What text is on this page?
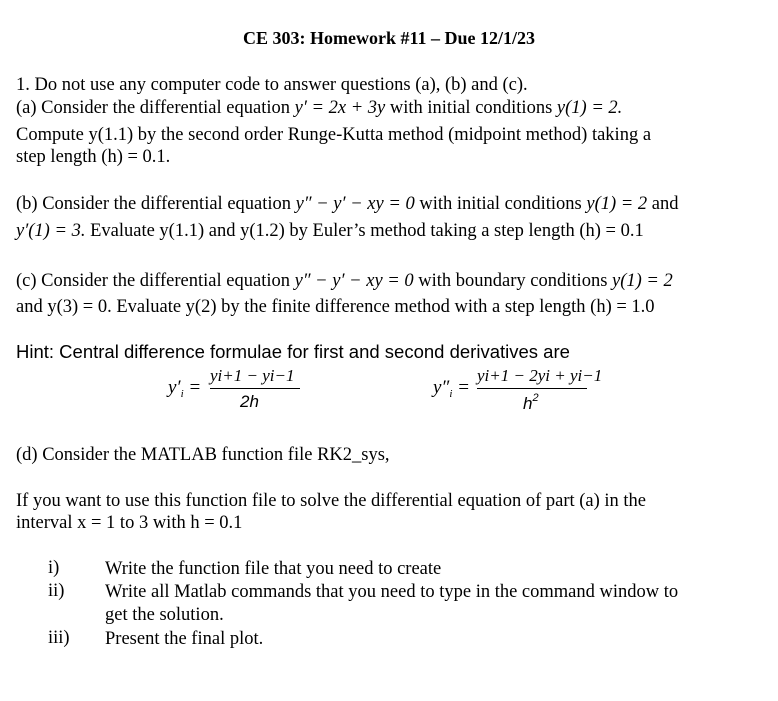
CE 303: Homework #11 – Due 12/1/23
1. Do not use any computer code to answer questions (a), (b) and (c).
(a) Consider the differential equation y′ = 2x + 3y with initial conditions y(1) = 2.
Compute y(1.1) by the second order Runge-Kutta method (midpoint method) taking a
step length (h) = 0.1.
(b) Consider the differential equation y″ − y′ − xy = 0 with initial conditions y(1) = 2 and
y′(1) = 3. Evaluate y(1.1) and y(1.2) by Euler’s method taking a step length (h) = 0.1
(c) Consider the differential equation y″ − y′ − xy = 0 with boundary conditions y(1) = 2
and y(3) = 0. Evaluate y(2) by the finite difference method with a step length (h) = 1.0
Hint: Central difference formulae for first and second derivatives are
$y'_i$ =
yi+1 − yi−1
2h
$y''_i$ =
yi+1 − 2yi + yi−1
$h^2$
(d) Consider the MATLAB function file RK2_sys,
If you want to use this function file to solve the differential equation of part (a) in the
interval x = 1 to 3 with h = 0.1
i) Write the function file that you need to create
ii) Write all Matlab commands that you need to type in the command window to
get the solution.
iii) Present the final plot.
